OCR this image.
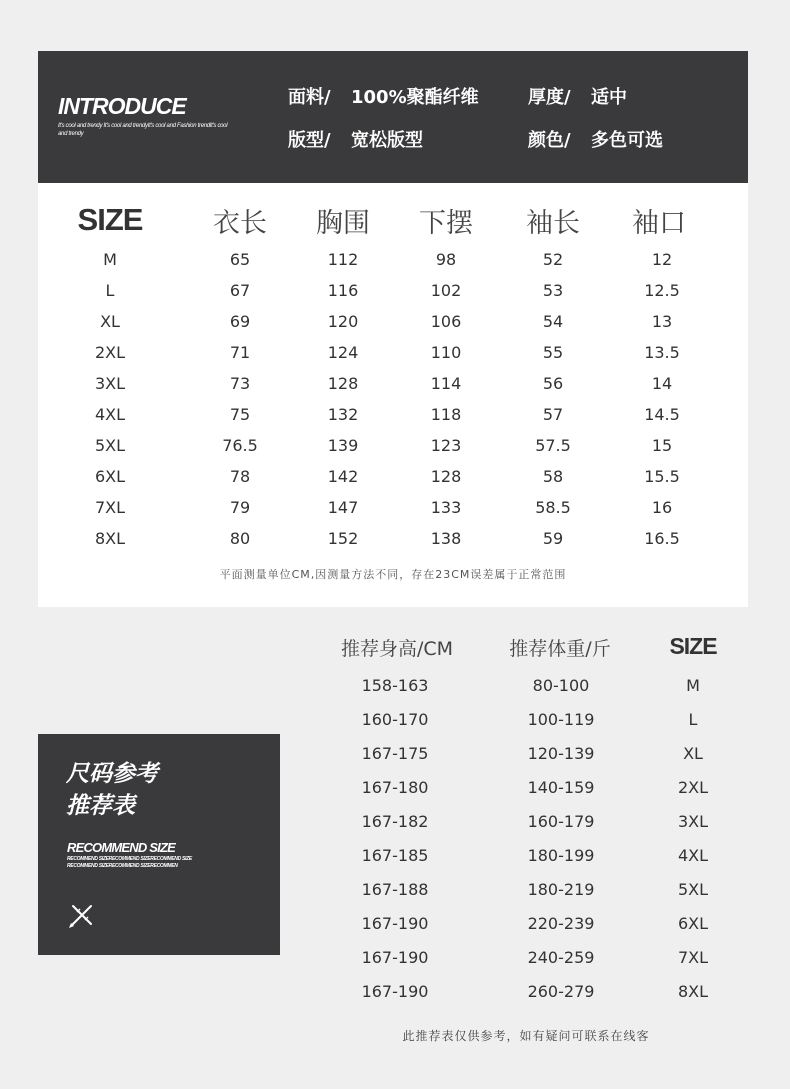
INTRODUCE
It's cool and trendy It's cool and trendyIt's cool and Fashion trendIt's cool and trendy
面料/ 100%聚酯纤维	厚度/ 适中
版型/ 宽松版型	颜色/ 多色可选
SIZE	衣长 胸围 下摆 袖长 袖口
M	65	112	98	52	12
L	67	116	102	53	12.5
XL	69	120	106	54	13
2XL	71	124	110	55	13.5
3XL	73	128	114	56	14
4XL	75	132	118	57	14.5
5XL	76.5	139	123	57.5	15
6XL	78	142	128	58	15.5
7XL	79	147	133	58.5	16
8XL	80	152	138	59	16.5
平面测量单位CM,因测量方法不同，存在23CM误差属于正常范围
推荐身高/CM	推荐体重/斤	SIZE
158-163	80-100	M
160-170	100-119	L
167-175	120-139	XL
167-180	140-159	2XL
167-182	160-179	3XL
167-185	180-199	4XL
167-188	180-219	5XL
167-190	220-239	6XL
167-190	240-259	7XL
167-190	260-279	8XL
此推荐表仅供参考，如有疑问可联系在线客
尺码参考
推荐表
RECOMMEND SIZE
RECOMMEND SIZERECOMMEND SIZERECOMMEND SIZE RECOMMEND SIZERECOMMEND SIZERECOMMEN
